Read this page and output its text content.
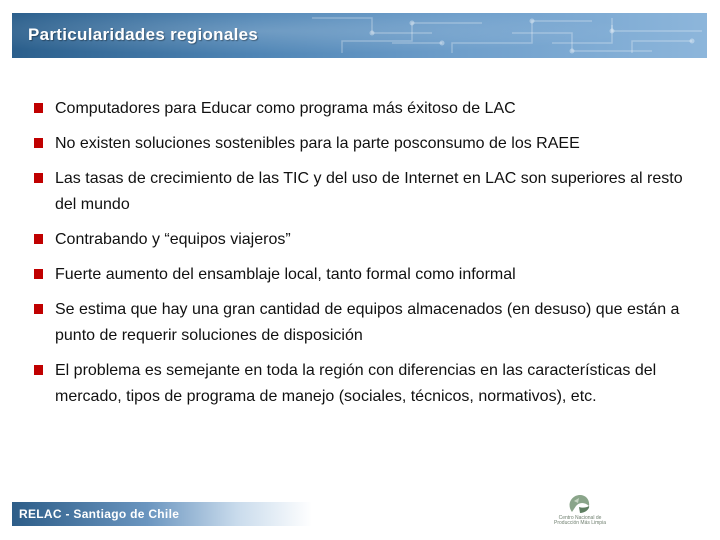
Particularidades regionales
Computadores para Educar como programa más éxitoso de LAC
No existen soluciones sostenibles para la parte posconsumo de los RAEE
Las tasas de crecimiento de las TIC y del uso de Internet en LAC son superiores al resto del mundo
Contrabando y “equipos viajeros”
Fuerte aumento del ensamblaje local, tanto formal como informal
Se estima que hay una gran cantidad de equipos almacenados (en desuso) que están a punto de requerir soluciones de disposición
El problema es semejante en toda la región con diferencias en las características del mercado, tipos de programa de manejo (sociales, técnicos, normativos), etc.
RELAC - Santiago de Chile	Centro Nacional de
Producción Más Limpia
